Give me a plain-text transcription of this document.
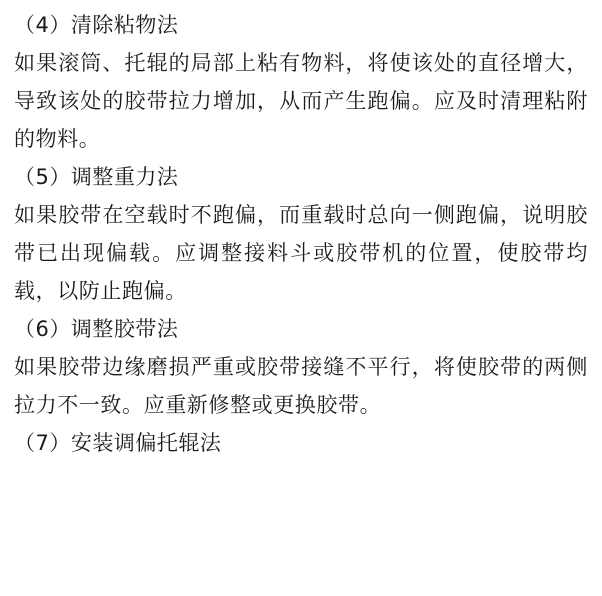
（4）清除粘物法
如果滚筒、托辊的局部上粘有物料，将使该处的直径增大，导致该处的胶带拉力增加，从而产生跑偏。应及时清理粘附的物料。
（5）调整重力法
如果胶带在空载时不跑偏，而重载时总向一侧跑偏，说明胶带已出现偏载。应调整接料斗或胶带机的位置，使胶带均载，以防止跑偏。
（6）调整胶带法
如果胶带边缘磨损严重或胶带接缝不平行，将使胶带的两侧拉力不一致。应重新修整或更换胶带。
（7）安装调偏托辊法
